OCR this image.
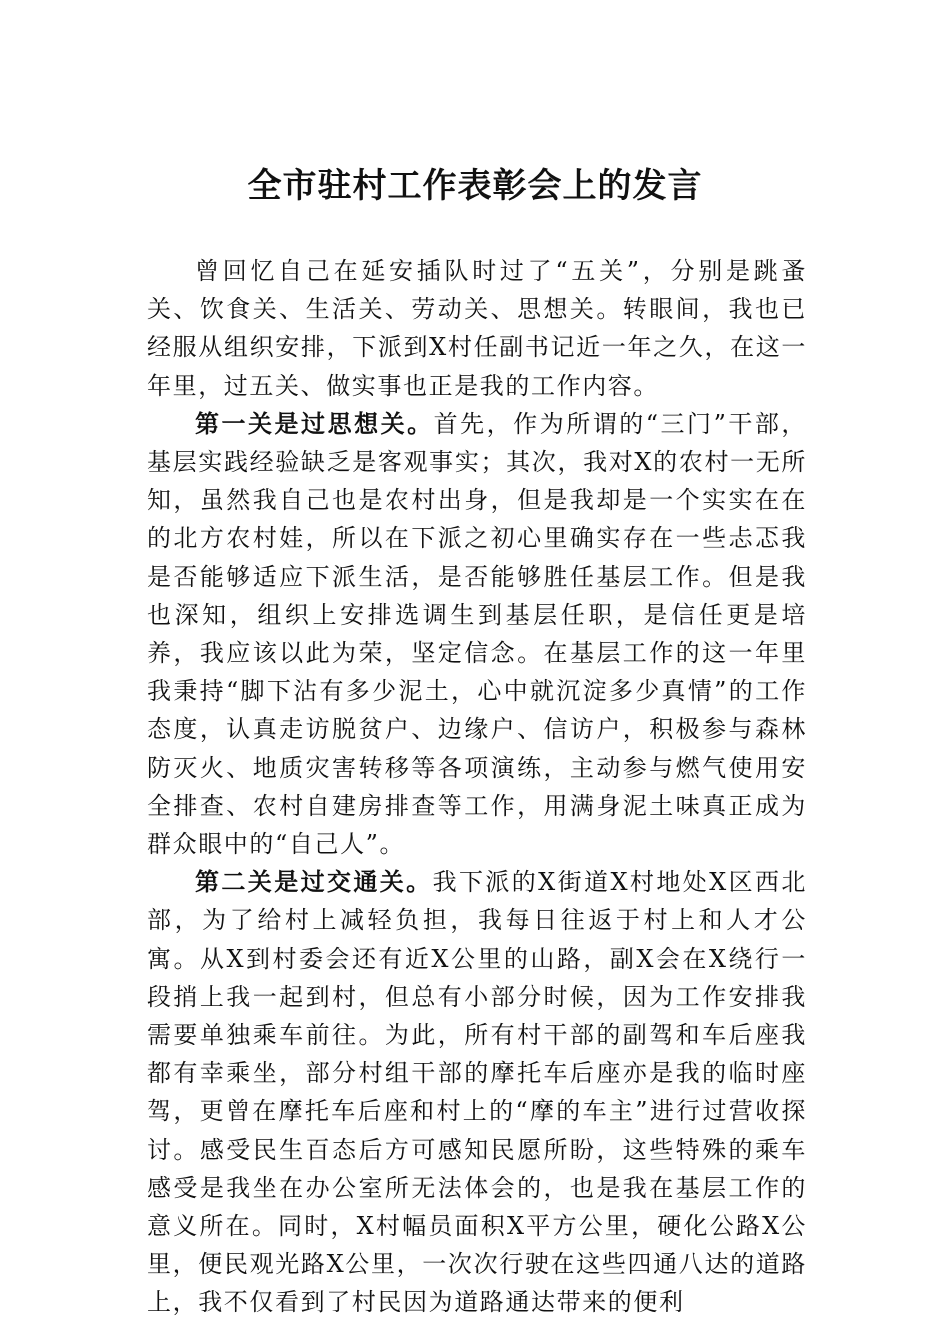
全市驻村工作表彰会上的发言

曾回忆自己在延安插队时过了“五关”，分别是跳蚤关、饮食关、生活关、劳动关、思想关。转眼间，我也已经服从组织安排，下派到X村任副书记近一年之久，在这一年里，过五关、做实事也正是我的工作内容。

第一关是过思想关。首先，作为所谓的“三门”干部，基层实践经验缺乏是客观事实；其次，我对X的农村一无所知，虽然我自己也是农村出身，但是我却是一个实实在在的北方农村娃，所以在下派之初心里确实存在一些忐忑我是否能够适应下派生活，是否能够胜任基层工作。但是我也深知，组织上安排选调生到基层任职，是信任更是培养，我应该以此为荣，坚定信念。在基层工作的这一年里我秉持“脚下沾有多少泥土，心中就沉淀多少真情”的工作态度，认真走访脱贫户、边缘户、信访户，积极参与森林防灭火、地质灾害转移等各项演练，主动参与燃气使用安全排查、农村自建房排查等工作，用满身泥土味真正成为群众眼中的“自己人”。

第二关是过交通关。我下派的X街道X村地处X区西北部，为了给村上减轻负担，我每日往返于村上和人才公寓。从X到村委会还有近X公里的山路，副X会在X绕行一段捎上我一起到村，但总有小部分时候，因为工作安排我需要单独乘车前往。为此，所有村干部的副驾和车后座我都有幸乘坐，部分村组干部的摩托车后座亦是我的临时座驾，更曾在摩托车后座和村上的“摩的车主”进行过营收探讨。感受民生百态后方可感知民愿所盼，这些特殊的乘车感受是我坐在办公室所无法体会的，也是我在基层工作的意义所在。同时，X村幅员面积X平方公里，硬化公路X公里，便民观光路X公里，一次次行驶在这些四通八达的道路上，我不仅看到了村民因为道路通达带来的便利
